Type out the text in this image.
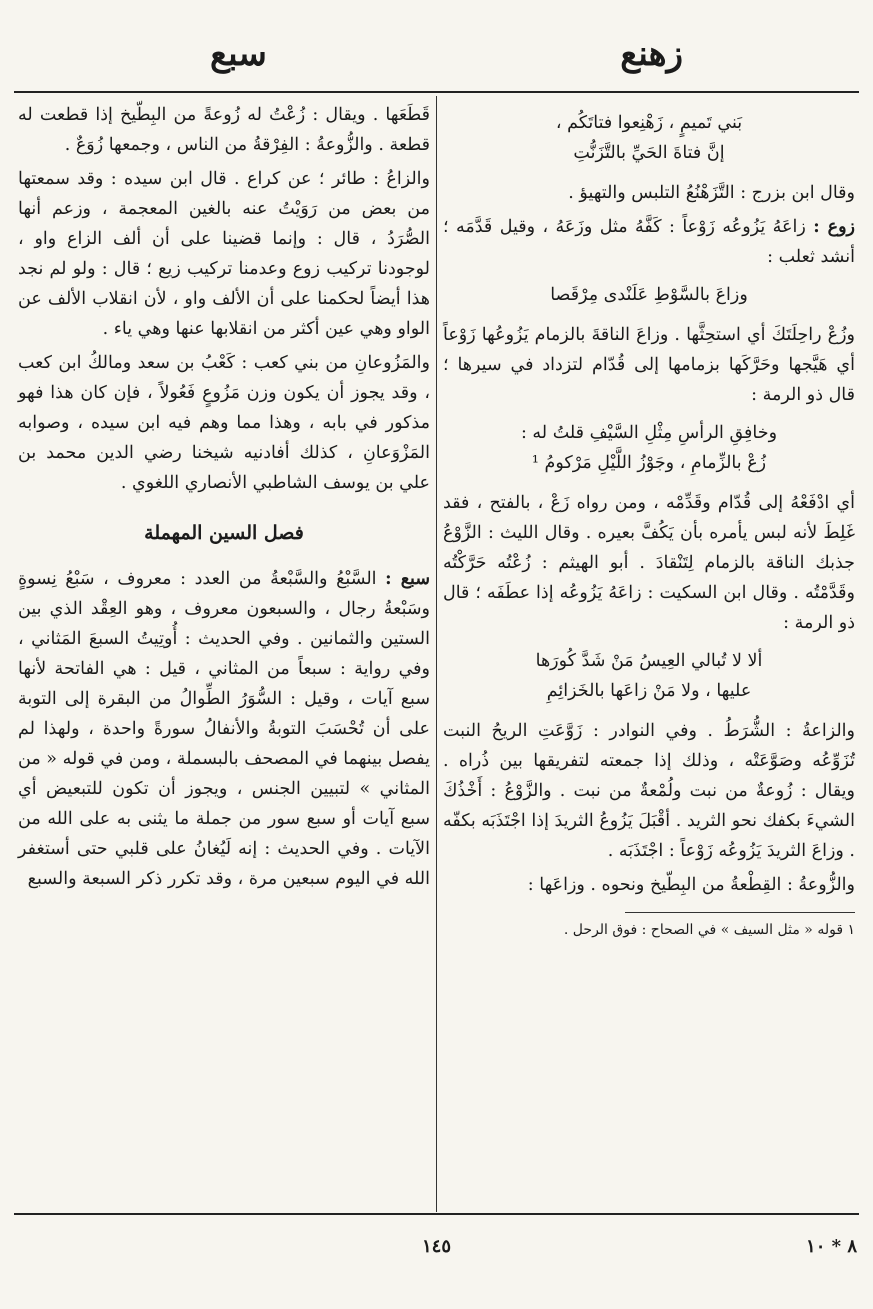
زهنع
سبع
بَني تَميمٍ ، زَهْنِعوا فتاتَكُم ،
إنَّ فتاةَ الحَيِّ بالتَّزَنُّتِ

وقال ابن بزرج : التَّزَهْنُعُ التلبس والتهيؤ .

زوع : زاعَهُ يَزُوعُه زَوْعاً : كَفَّهُ مثل وزَعَهُ ، وقيل قَدَّمَه ؛ أنشد ثعلب :

وزاعَ بالسَّوْطِ عَلَنْدى مِرْقَصا

وزُعْ راحِلَتَكَ أي استحِثَّها . وزاعَ الناقةَ بالزمام يَزُوعُها زَوْعاً أي هَيَّجها وحَرَّكَها بزمامها إلى قُدّام لتزداد في سيرها ؛ قال ذو الرمة :

وخافِقِ الرأسِ مِثْلِ السَّيْفِ قلتُ له :
زُعْ بالزِّمامِ ، وجَوْزُ اللَّيْلِ مَرْكومُ ¹

أي ادْفَعْهُ إلى قُدّام وقَدِّمْه ، ومن رواه زَعْ ، بالفتح ، فقد غَلِطَ لأنه لبس يأمره بأن يَكُفَّ بعيره . وقال الليث : الزَّوْعُ جذبك الناقة بالزمام لِتَنْقادَ . أبو الهيثم : زُعْتُه حَرَّكْتُه وقَدَّمْتُه . وقال ابن السكيت : زاعَهُ يَزُوعُه إذا عطَفَه ؛ قال ذو الرمة :

ألا لا تُبالي العِيسُ مَنْ شَدَّ كُورَها
عليها ، ولا مَنْ زاعَها بالخَزائِمِ

والزاعةُ : الشُّرَطُ . وفي النوادر : زَوَّعَتِ الريحُ النبت تُزَوِّعُه وصَوَّعَتْه ، وذلك إذا جمعته لتفريقها بين ذُراه . ويقال : زُوعةٌ من نبت ولُمْعةٌ من نبت . والزَّوْعُ : أَخْذُكَ الشيءَ بكفك نحو الثريد . أقْبَلَ يَزُوعُ الثريدَ إذا اجْتَذَبَه بكفّه . وزاعَ الثريدَ يَزُوعُه زَوْعاً : اجْتَذَبَه .

والزُّوعةُ : القِطْعةُ من البِطّيخ ونحوه . وزاعَها :

١ قوله « مثل السيف » في الصحاح : فوق الرحل .

قَطَعَها . ويقال : زُعْتُ له زُوعةً من البِطّيخ إذا قطعت له قطعة . والزُّوعةُ : الفِرْقةُ من الناس ، وجمعها زُوَعٌ .

والزاعُ : طائر ؛ عن كراع . قال ابن سيده : وقد سمعتها من بعض من رَوَيْتُ عنه بالغين المعجمة ، وزعم أنها الصُّرَدُ ، قال : وإنما قضينا على أن ألف الزاع واو ، لوجودنا تركيب زوع وعدمنا تركيب زيع ؛ قال : ولو لم نجد هذا أيضاً لحكمنا على أن الألف واو ، لأن انقلاب الألف عن الواو وهي عين أكثر من انقلابها عنها وهي ياء .

والمَزُوعانِ من بني كعب : كَعْبُ بن سعد ومالكُ ابن كعب ، وقد يجوز أن يكون وزن مَزُوعٍ فَعُولاً ، فإن كان هذا فهو مذكور في بابه ، وهذا مما وهم فيه ابن سيده ، وصوابه المَزْوَعانِ ، كذلك أفادنيه شيخنا رضي الدين محمد بن علي بن يوسف الشاطبي الأنصاري اللغوي .

فصل السين المهملة

سبع : السَّبْعُ والسَّبْعةُ من العدد : معروف ، سَبْعُ نِسوةٍ وسَبْعةُ رجال ، والسبعون معروف ، وهو العِقْد الذي بين الستين والثمانين . وفي الحديث : أُوتِيتُ السبعَ المَثاني ، وفي رواية : سبعاً من المثاني ، قيل : هي الفاتحة لأنها سبع آيات ، وقيل : السُّوَرُ الطِّوالُ من البقرة إلى التوبة على أن تُحْسَبَ التوبةُ والأنفالُ سورةً واحدة ، ولهذا لم يفصل بينهما في المصحف بالبسملة ، ومن في قوله « من المثاني » لتبيين الجنس ، ويجوز أن تكون للتبعيض أي سبع آيات أو سبع سور من جملة ما يثنى به على الله من الآيات . وفي الحديث : إنه لَيُغانُ على قلبي حتى أستغفر الله في اليوم سبعين مرة ، وقد تكرر ذكر السبعة والسبع

١٤٥	٨ * ١٠
